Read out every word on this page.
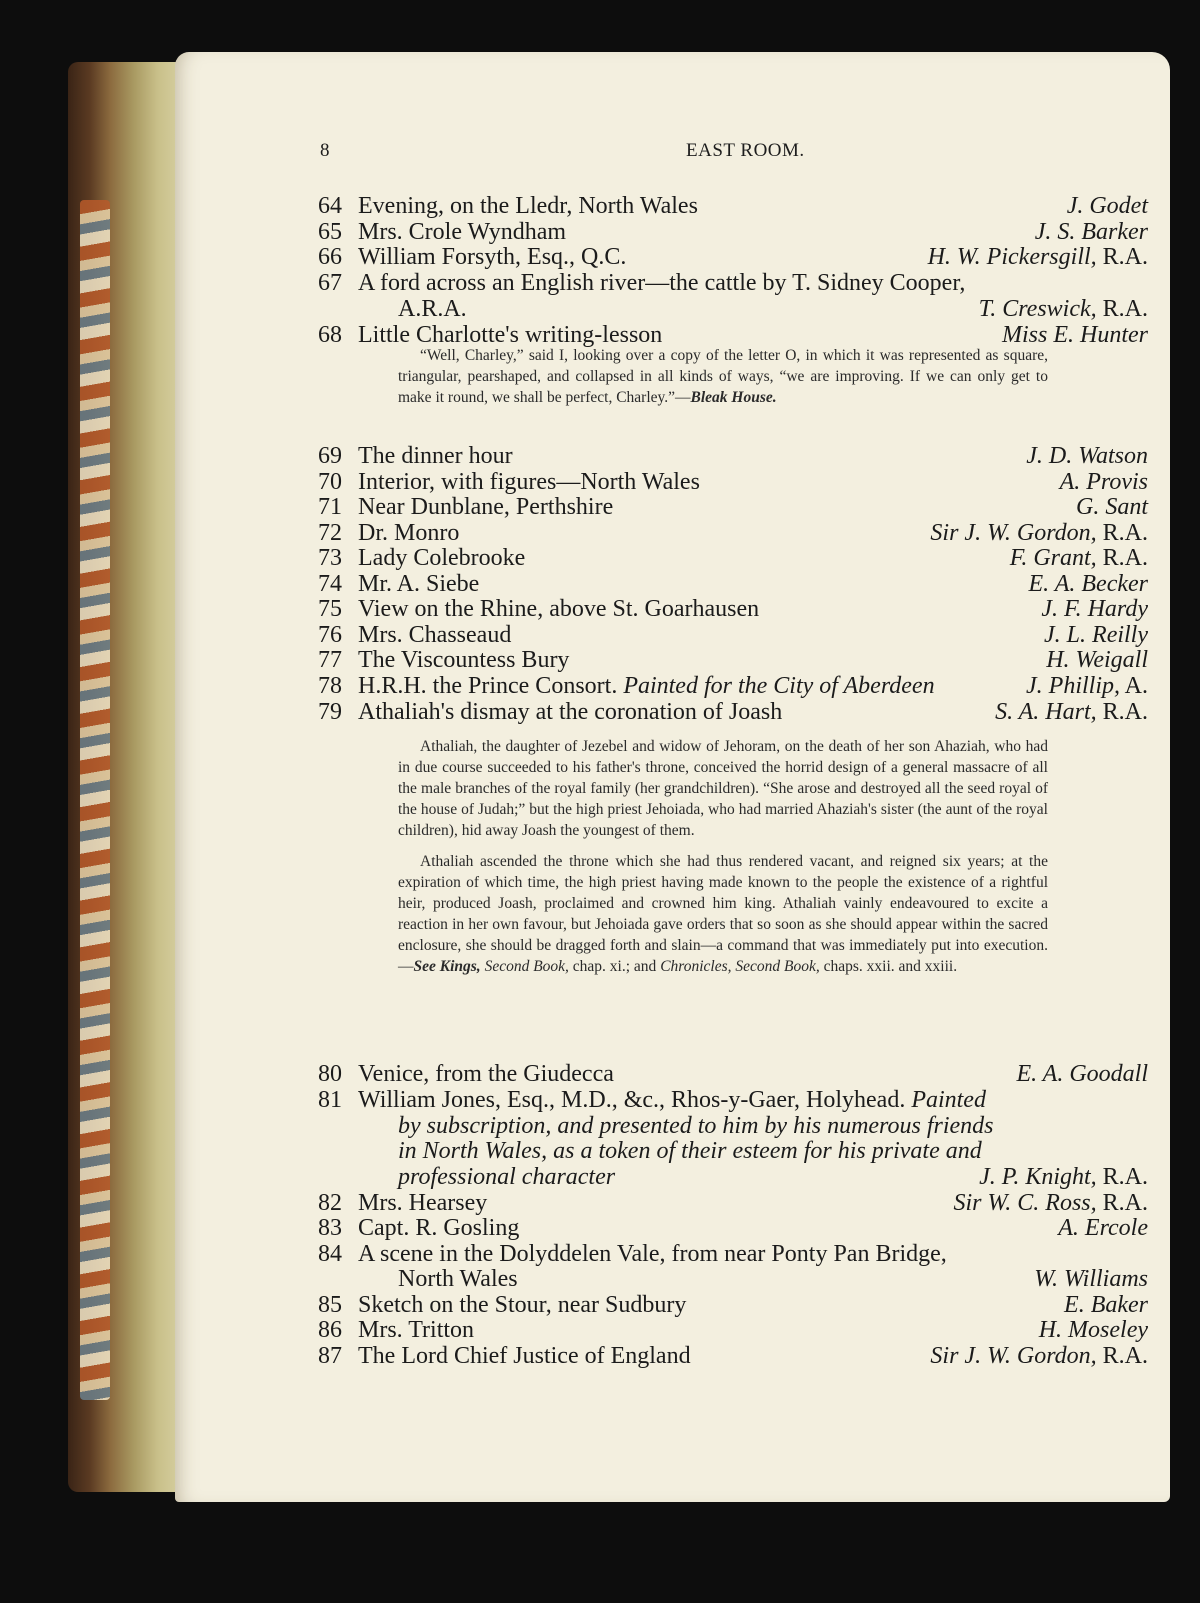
8	EAST ROOM.
64 Evening, on the Lledr, North Wales	J. Godet
65 Mrs. Crole Wyndham	J. S. Barker
66 William Forsyth, Esq., Q.C.	H. W. Pickersgill, R.A.
67 A ford across an English river—the cattle by T. Sidney Cooper,
A.R.A.	T. Creswick, R.A.
68 Little Charlotte's writing-lesson	Miss E. Hunter
69 The dinner hour	J. D. Watson
70 Interior, with figures—North Wales	A. Provis
71 Near Dunblane, Perthshire	G. Sant
72 Dr. Monro	Sir J. W. Gordon, R.A.
73 Lady Colebrooke	F. Grant, R.A.
74 Mr. A. Siebe	E. A. Becker
75 View on the Rhine, above St. Goarhausen	J. F. Hardy
76 Mrs. Chasseaud	J. L. Reilly
77 The Viscountess Bury	H. Weigall
78 H.R.H. the Prince Consort. Painted for the City of Aberdeen	J. Phillip, A.
79 Athaliah's dismay at the coronation of Joash	S. A. Hart, R.A.
80 Venice, from the Giudecca	E. A. Goodall
81 William Jones, Esq., M.D., &c., Rhos-y-Gaer, Holyhead. Painted
by subscription, and presented to him by his numerous friends
in North Wales, as a token of their esteem for his private and
professional character	J. P. Knight, R.A.
82 Mrs. Hearsey	Sir W. C. Ross, R.A.
83 Capt. R. Gosling	A. Ercole
84 A scene in the Dolyddelen Vale, from near Ponty Pan Bridge,
North Wales	W. Williams
85 Sketch on the Stour, near Sudbury	E. Baker
86 Mrs. Tritton	H. Moseley
87 The Lord Chief Justice of England	Sir J. W. Gordon, R.A.
“Well, Charley,” said I, looking over a copy of the letter O, in which it was represented as square, triangular, pearshaped, and collapsed in all kinds of ways, “we are improving. If we can only get to make it round, we shall be perfect, Charley.”—Bleak House.
Athaliah, the daughter of Jezebel and widow of Jehoram, on the death of her son Ahaziah, who had in due course succeeded to his father's throne, conceived the horrid design of a general massacre of all the male branches of the royal family (her grandchildren). “She arose and destroyed all the seed royal of the house of Judah;” but the high priest Jehoiada, who had married Ahaziah's sister (the aunt of the royal children), hid away Joash the youngest of them.
Athaliah ascended the throne which she had thus rendered vacant, and reigned six years; at the expiration of which time, the high priest having made known to the people the existence of a rightful heir, produced Joash, proclaimed and crowned him king. Athaliah vainly endeavoured to excite a reaction in her own favour, but Jehoiada gave orders that so soon as she should appear within the sacred enclosure, she should be dragged forth and slain—a command that was immediately put into execution.—See Kings, Second Book, chap. xi.; and Chronicles, Second Book, chaps. xxii. and xxiii.
